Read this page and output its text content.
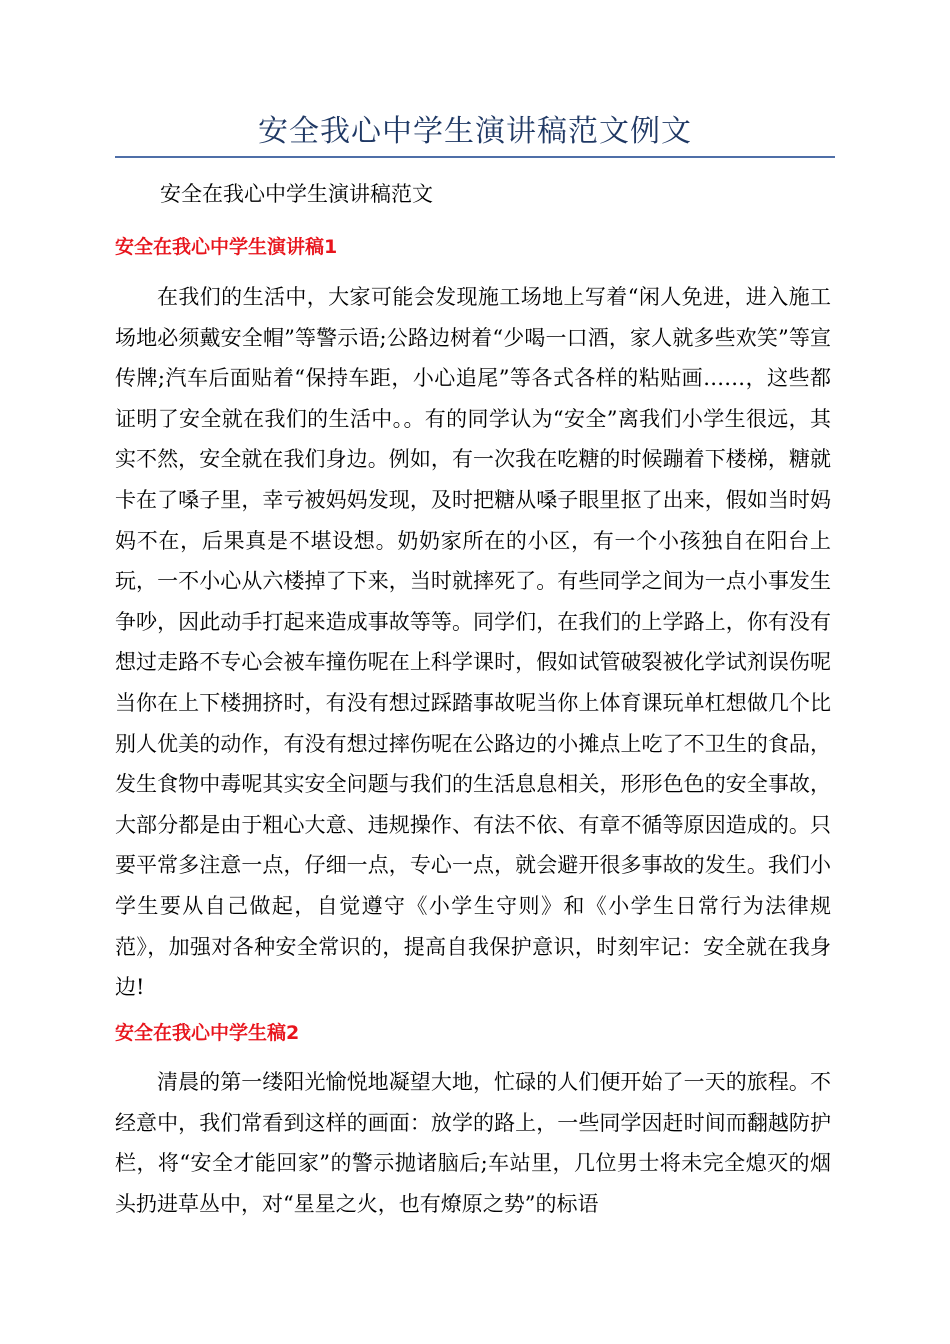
安全我心中学生演讲稿范文例文
安全在我心中学生演讲稿范文
安全在我心中学生演讲稿1

在我们的生活中，大家可能会发现施工场地上写着“闲人免进，进入施工场地必须戴安全帽”等警示语;公路边树着“少喝一口酒，家人就多些欢笑”等宣传牌;汽车后面贴着“保持车距，小心追尾”等各式各样的粘贴画……，这些都证明了安全就在我们的生活中。。有的同学认为“安全”离我们小学生很远，其实不然，安全就在我们身边。例如，有一次我在吃糖的时候蹦着下楼梯，糖就卡在了嗓子里，幸亏被妈妈发现，及时把糖从嗓子眼里抠了出来，假如当时妈妈不在，后果真是不堪设想。奶奶家所在的小区，有一个小孩独自在阳台上玩，一不小心从六楼掉了下来，当时就摔死了。有些同学之间为一点小事发生争吵，因此动手打起来造成事故等等。同学们，在我们的上学路上，你有没有想过走路不专心会被车撞伤呢在上科学课时，假如试管破裂被化学试剂误伤呢当你在上下楼拥挤时，有没有想过踩踏事故呢当你上体育课玩单杠想做几个比别人优美的动作，有没有想过摔伤呢在公路边的小摊点上吃了不卫生的食品，发生食物中毒呢其实安全问题与我们的生活息息相关，形形色色的安全事故，大部分都是由于粗心大意、违规操作、有法不依、有章不循等原因造成的。只要平常多注意一点，仔细一点，专心一点，就会避开很多事故的发生。我们小学生要从自己做起，自觉遵守《小学生守则》和《小学生日常行为法律规范》，加强对各种安全常识的，提高自我保护意识，时刻牢记：安全就在我身边!

安全在我心中学生稿2

清晨的第一缕阳光愉悦地凝望大地，忙碌的人们便开始了一天的旅程。不经意中，我们常看到这样的画面：放学的路上，一些同学因赶时间而翻越防护栏，将“安全才能回家”的警示抛诸脑后;车站里，几位男士将未完全熄灭的烟头扔进草丛中，对“星星之火，也有燎原之势”的标语
